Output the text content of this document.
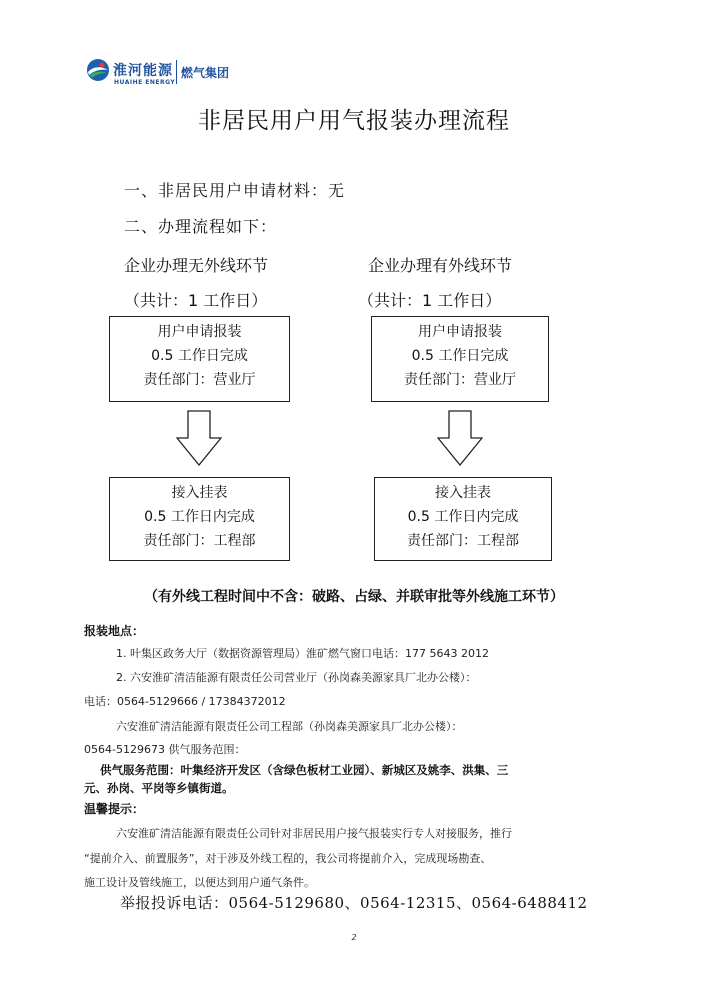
淮河能源
HUAIHE ENERGY
燃气集团
非居民用户用气报装办理流程
一、非居民用户申请材料：无
二、办理流程如下：
企业办理无外线环节
（共计：1 工作日）
企业办理有外线环节
（共计：1 工作日）
用户申请报装
0.5 工作日完成
责任部门：营业厅
接入挂表
0.5 工作日内完成
责任部门：工程部
用户申请报装
0.5 工作日完成
责任部门：营业厅
接入挂表
0.5 工作日内完成
责任部门：工程部
（有外线工程时间中不含：破路、占绿、并联审批等外线施工环节）
报装地点：
1. 叶集区政务大厅（数据资源管理局）淮矿燃气窗口电话：177 5643 2012
2. 六安淮矿清洁能源有限责任公司营业厅（孙岗森美源家具厂北办公楼）：
电话：0564-5129666 / 17384372012
六安淮矿清洁能源有限责任公司工程部（孙岗森美源家具厂北办公楼）：
0564-5129673 供气服务范围：
供气服务范围：叶集经济开发区（含绿色板材工业园）、新城区及姚李、洪集、三
元、孙岗、平岗等乡镇街道。
温馨提示：
六安淮矿清洁能源有限责任公司针对非居民用户接气报装实行专人对接服务，推行
“提前介入、前置服务”，对于涉及外线工程的，我公司将提前介入，完成现场勘查、
施工设计及管线施工，以便达到用户通气条件。
举报投诉电话：0564-5129680、0564-12315、0564-6488412
2
